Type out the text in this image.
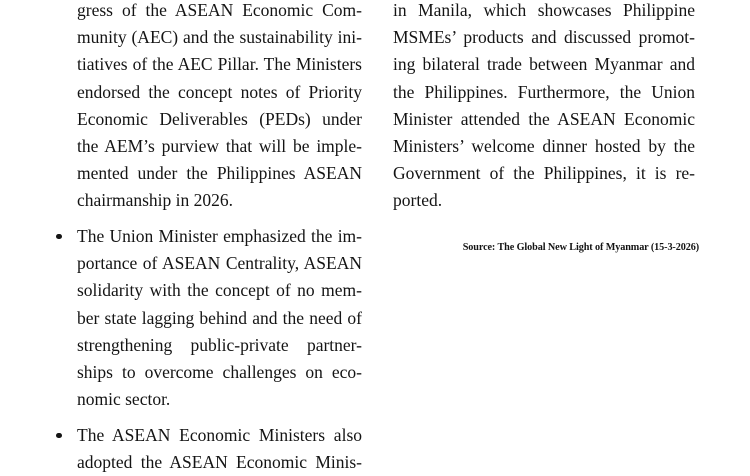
gress of the ASEAN Economic Com-
munity (AEC) and the sustainability ini-
tiatives of the AEC Pillar. The Ministers
endorsed the concept notes of Priority
Economic Deliverables (PEDs) under
the AEM’s purview that will be imple-
mented under the Philippines ASEAN
chairmanship in 2026.
The Union Minister emphasized the im-
portance of ASEAN Centrality, ASEAN
solidarity with the concept of no mem-
ber state lagging behind and the need of
strengthening public-private partner-
ships to overcome challenges on eco-
nomic sector.
The ASEAN Economic Ministers also
adopted the ASEAN Economic Minis-
in Manila, which showcases Philippine
MSMEs’ products and discussed promot-
ing bilateral trade between Myanmar and
the Philippines. Furthermore, the Union
Minister attended the ASEAN Economic
Ministers’ welcome dinner hosted by the
Government of the Philippines, it is re-
ported.
Source: The Global New Light of Myanmar (15-3-2026)
